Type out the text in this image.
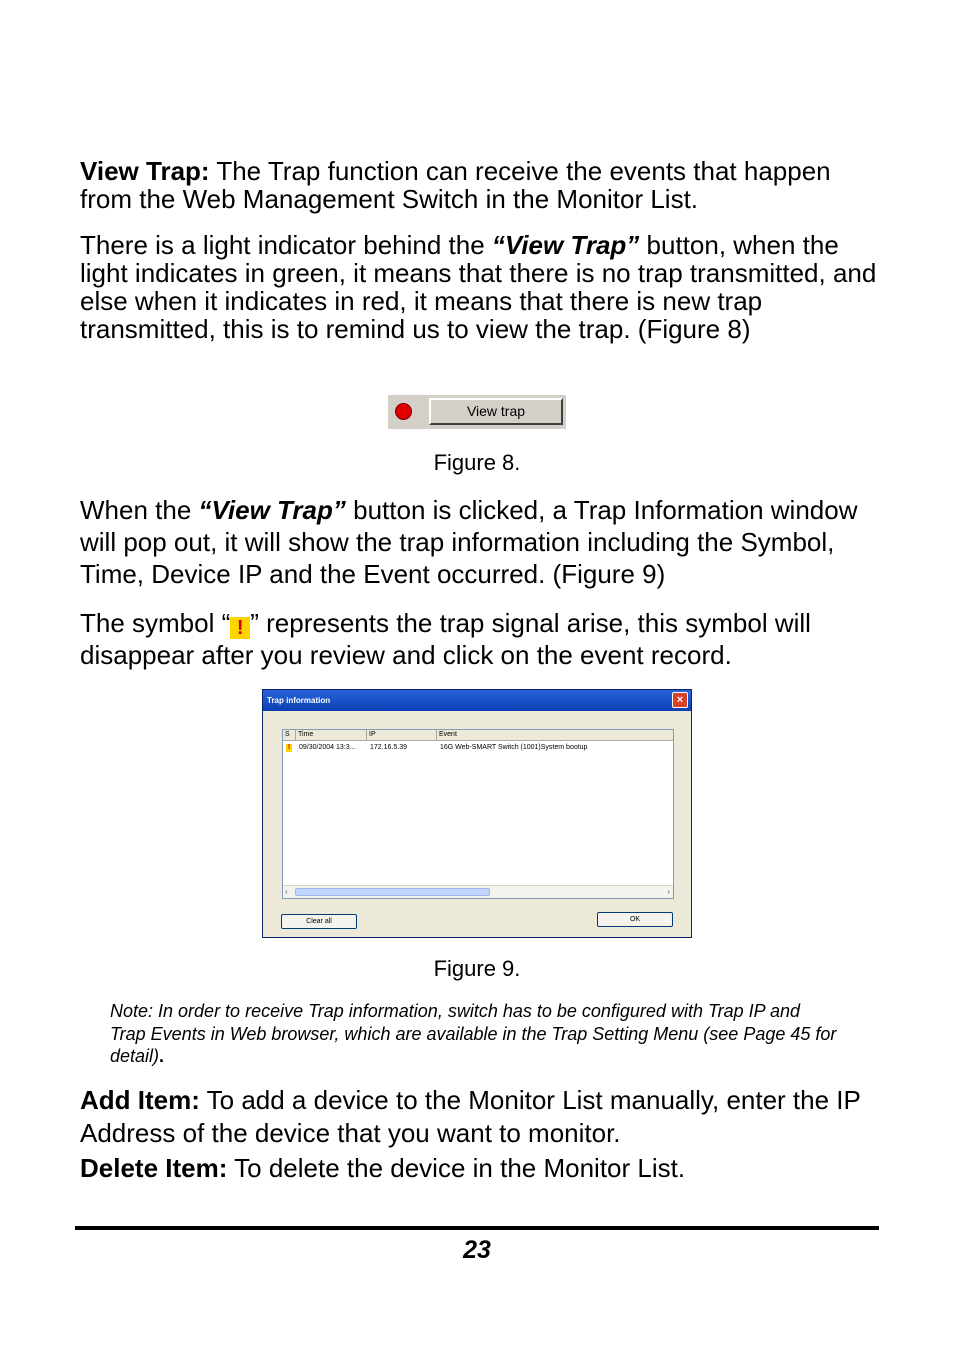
View Trap: The Trap function can receive the events that happen from the Web Management Switch in the Monitor List.

There is a light indicator behind the “View Trap” button, when the light indicates in green, it means that there is no trap transmitted, and else when it indicates in red, it means that there is new trap transmitted, this is to remind us to view the trap. (Figure 8)

View trap
Figure 8.

When the “View Trap” button is clicked, a Trap Information window will pop out, it will show the trap information including the Symbol, Time, Device IP and the Event occurred. (Figure 9)

The symbol “ ! ” represents the trap signal arise, this symbol will disappear after you review and click on the event record.

Trap information	×
S	Time	IP	Event
! 09/30/2004 13:3... 172.16.5.39	16G Web-SMART Switch (1001)System bootup
‹	›
Clear all	OK
Figure 9.
Note: In order to receive Trap information, switch has to be configured with Trap IP and Trap Events in Web browser, which are available in the Trap Setting Menu (see Page 45 for detail).

Add Item: To add a device to the Monitor List manually, enter the IP Address of the device that you want to monitor.

Delete Item: To delete the device in the Monitor List.

23
